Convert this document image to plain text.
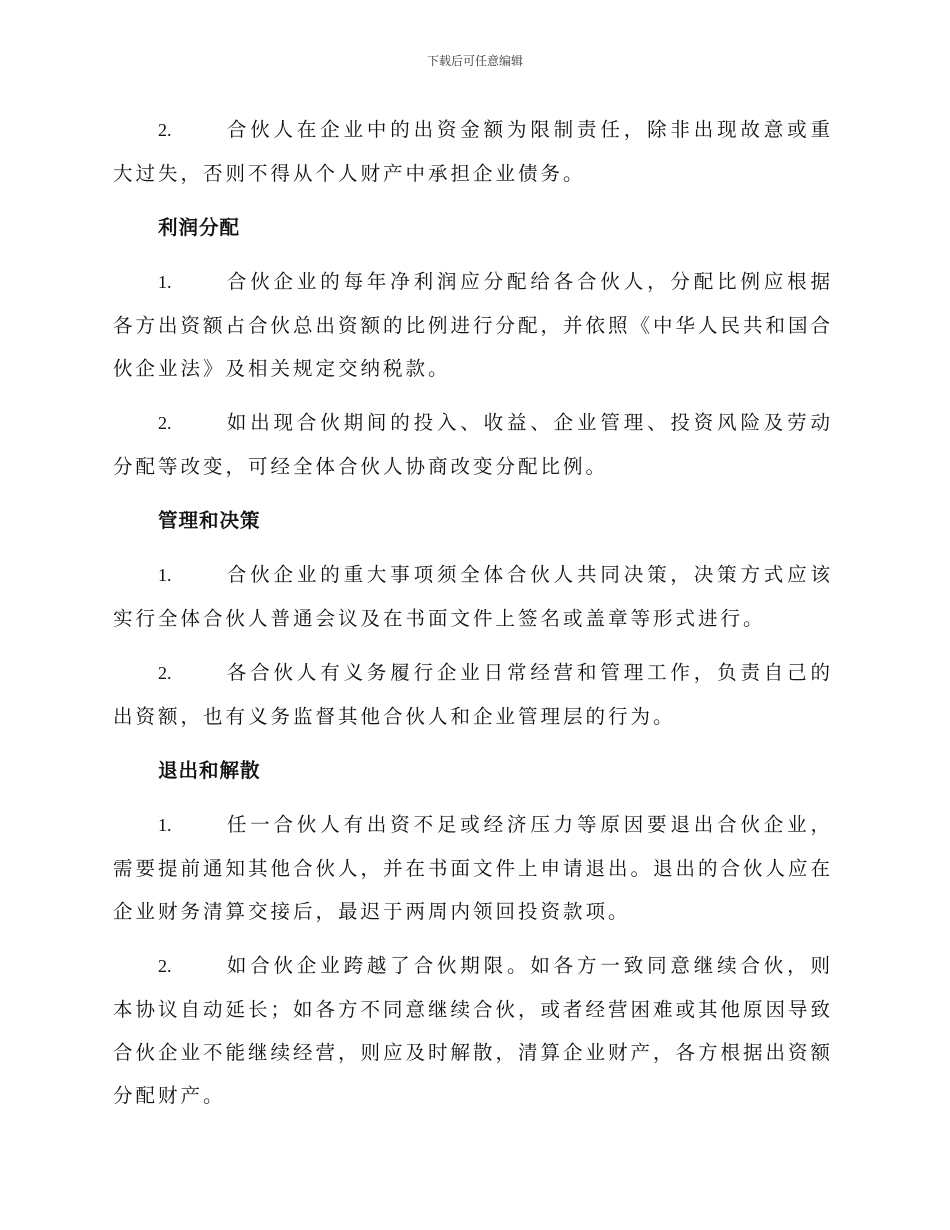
下载后可任意编辑

2.	合伙人在企业中的出资金额为限制责任，除非出现故意或重大过失，否则不得从个人财产中承担企业债务。

利润分配

1.	合伙企业的每年净利润应分配给各合伙人，分配比例应根据各方出资额占合伙总出资额的比例进行分配，并依照《中华人民共和国合伙企业法》及相关规定交纳税款。

2.	如出现合伙期间的投入、收益、企业管理、投资风险及劳动分配等改变，可经全体合伙人协商改变分配比例。

管理和决策

1.	合伙企业的重大事项须全体合伙人共同决策，决策方式应该实行全体合伙人普通会议及在书面文件上签名或盖章等形式进行。

2.	各合伙人有义务履行企业日常经营和管理工作，负责自己的出资额，也有义务监督其他合伙人和企业管理层的行为。

退出和解散

1.	任一合伙人有出资不足或经济压力等原因要退出合伙企业，需要提前通知其他合伙人，并在书面文件上申请退出。退出的合伙人应在企业财务清算交接后，最迟于两周内领回投资款项。

2.	如合伙企业跨越了合伙期限。如各方一致同意继续合伙，则本协议自动延长；如各方不同意继续合伙，或者经营困难或其他原因导致合伙企业不能继续经营，则应及时解散，清算企业财产，各方根据出资额分配财产。
